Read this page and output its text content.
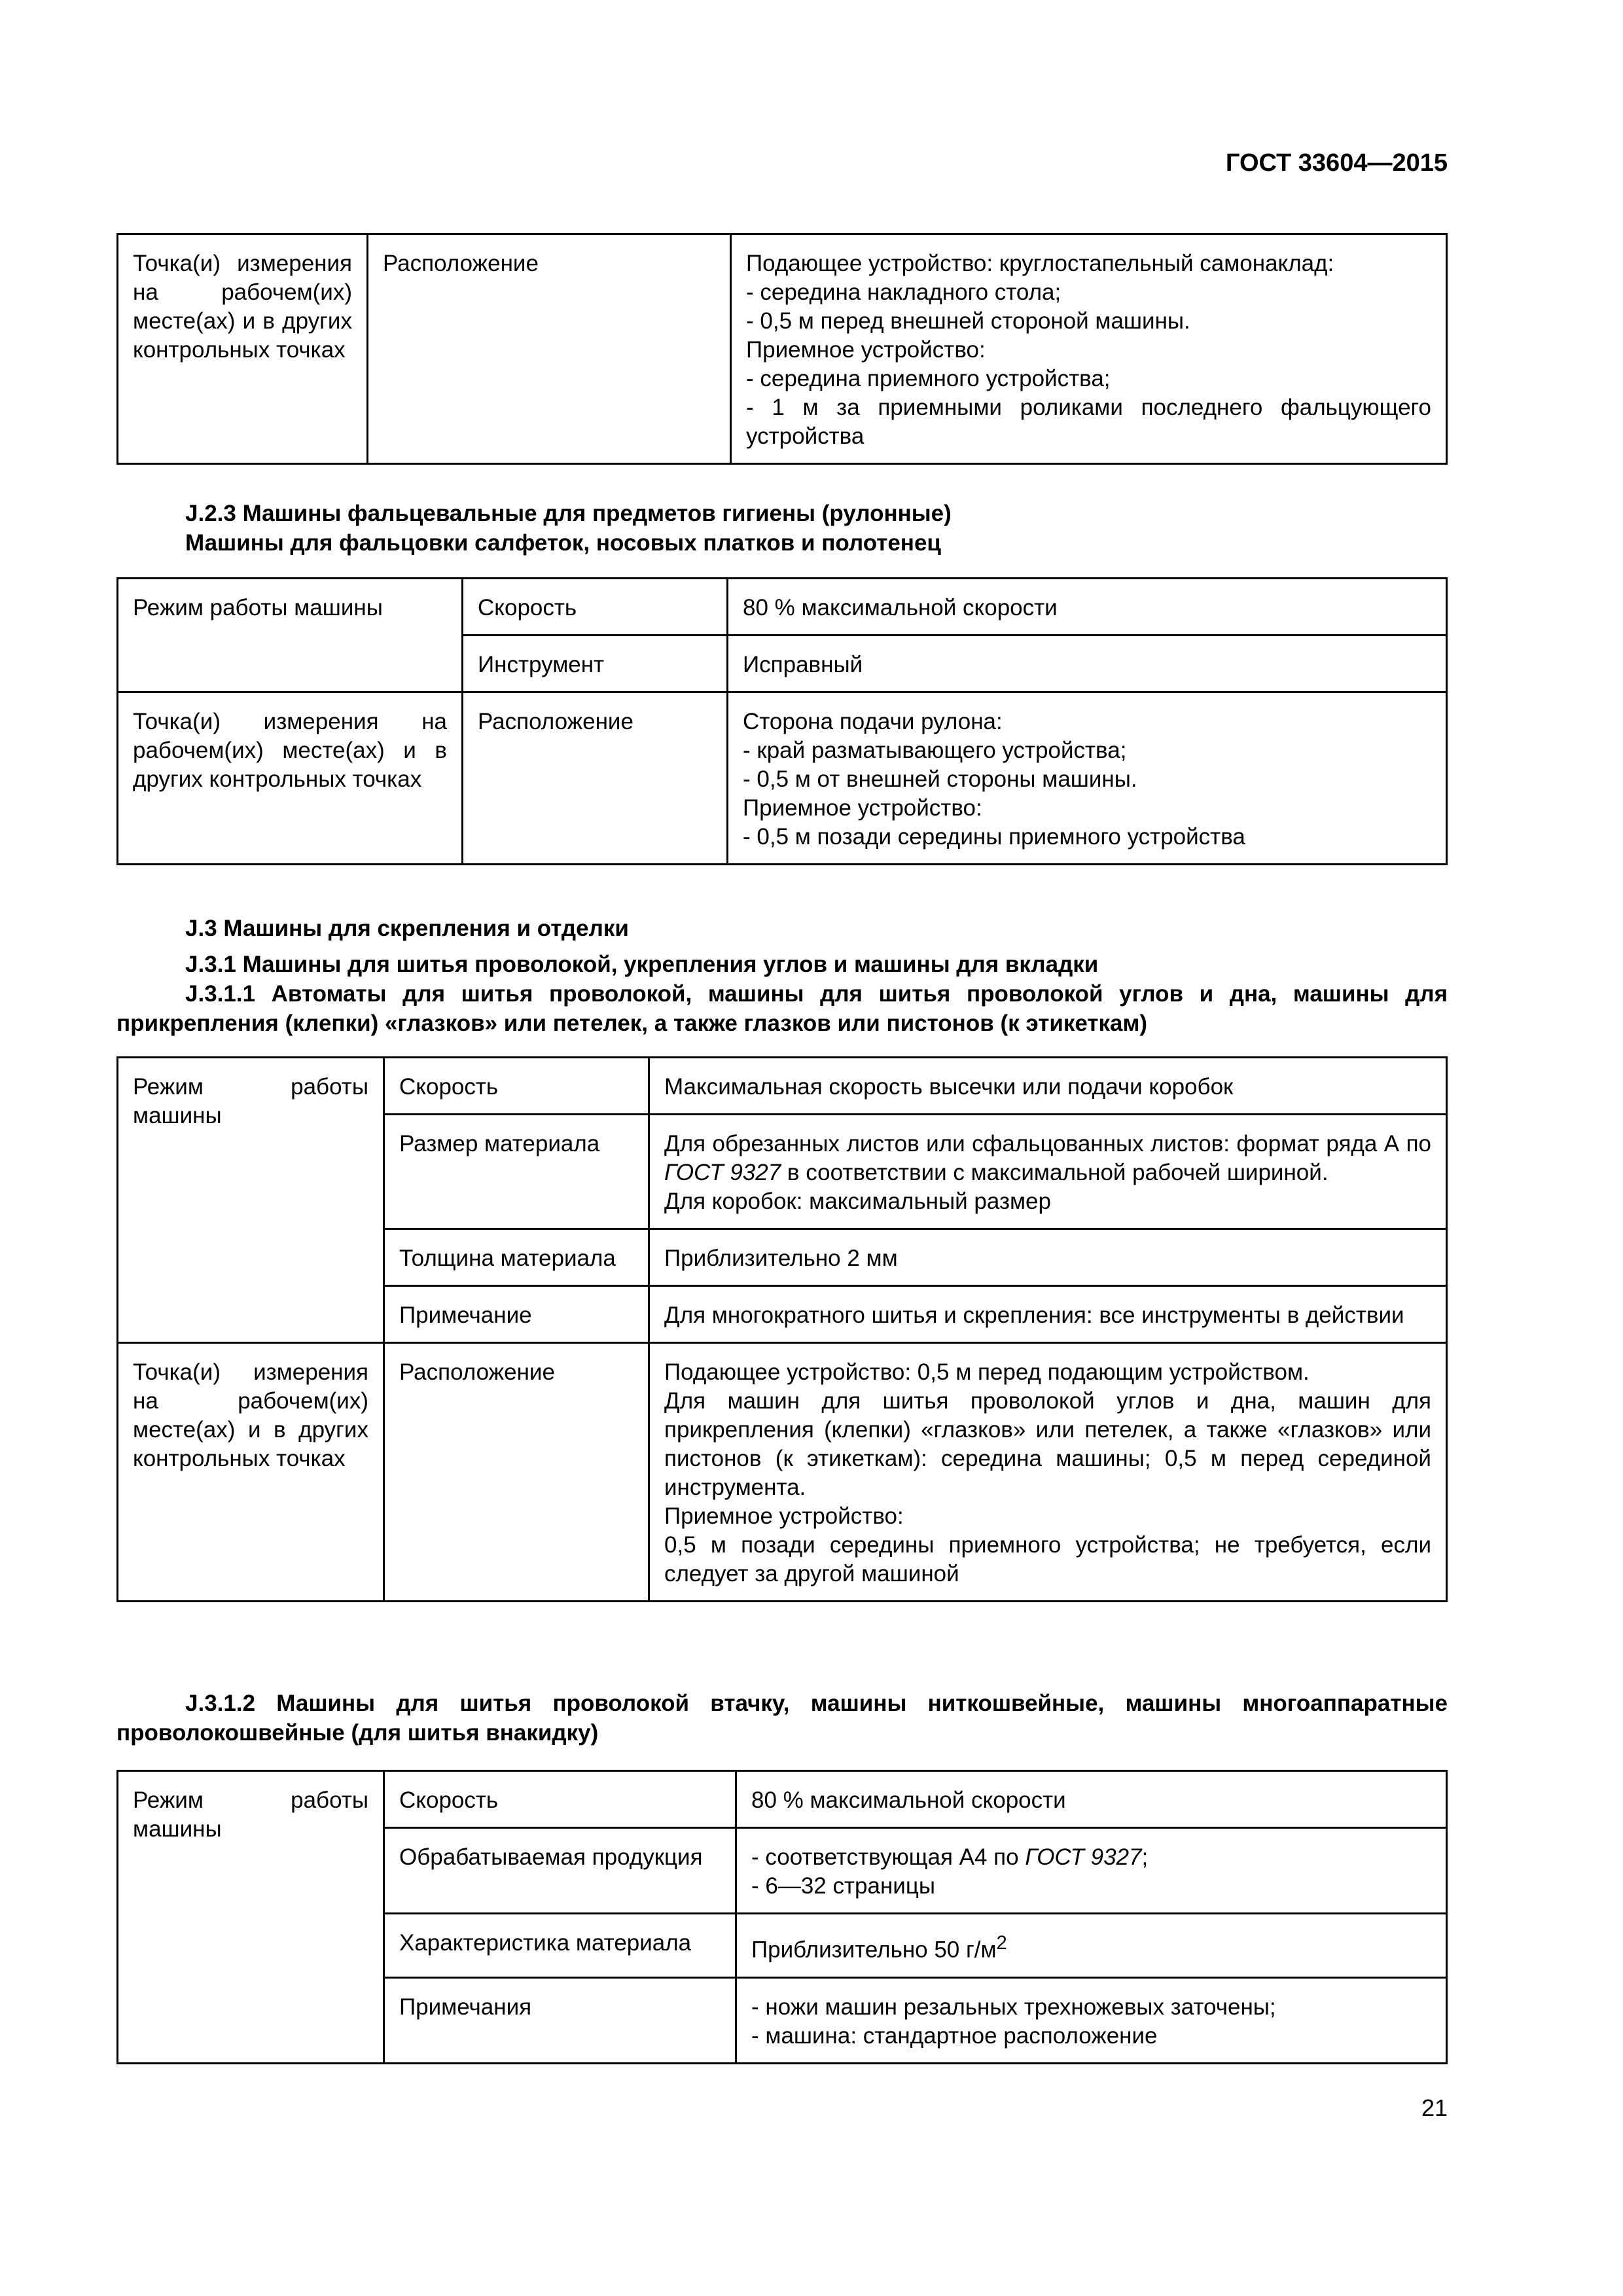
ГОСТ 33604—2015
Точка(и) измерения на рабочем(их) месте(ах) и в других контрольных точках	Расположение	Подающее устройство: круглостапельный самонаклад:
- середина накладного стола;
- 0,5 м перед внешней стороной машины.
Приемное устройство:
- середина приемного устройства;
- 1 м за приемными роликами последнего фальцующего устройства
J.2.3 Машины фальцевальные для предметов гигиены (рулонные)
Машины для фальцовки салфеток, носовых платков и полотенец
Режим работы машины	Скорость	80 % максимальной скорости
	Инструмент	Исправный
Точка(и) измерения на рабочем(их) месте(ах) и в других контрольных точках	Расположение	Сторона подачи рулона:
- край разматывающего устройства;
- 0,5 м от внешней стороны машины.
Приемное устройство:
- 0,5 м позади середины приемного устройства
J.3 Машины для скрепления и отделки
J.3.1 Машины для шитья проволокой, укрепления углов и машины для вкладки
J.3.1.1 Автоматы для шитья проволокой, машины для шитья проволокой углов и дна, машины для прикрепления (клепки) «глазков» или петелек, а также глазков или пистонов (к этикеткам)
Режим работы машины	Скорость	Максимальная скорость высечки или подачи коробок
	Размер материала	Для обрезанных листов или сфальцованных листов: формат ряда А по ГОСТ 9327 в соответствии с максимальной рабочей шириной.
Для коробок: максимальный размер

	Толщина материала	Приблизительно 2 мм
	Примечание	Для многократного шитья и скрепления: все инструменты в действии
Точка(и) измерения на рабочем(их) месте(ах) и в других контрольных точках	Расположение	Подающее устройство: 0,5 м перед подающим устройством.
Для машин для шитья проволокой углов и дна, машин для прикрепления (клепки) «глазков» или петелек, а также «глазков» или пистонов (к этикеткам): середина машины; 0,5 м перед серединой инструмента.
Приемное устройство:
0,5 м позади середины приемного устройства; не требуется, если следует за другой машиной
J.3.1.2 Машины для шитья проволокой втачку, машины ниткошвейные, машины многоаппаратные проволокошвейные (для шитья внакидку)
Режим работы машины	Скорость	80 % максимальной скорости
	Обрабатываемая продукция	- соответствующая А4 по ГОСТ 9327;
- 6—32 страницы

	Характеристика материала	Приблизительно 50 $г/м^2$
	Примечания	- ножи машин резальных трехножевых заточены;
- машина: стандартное расположение
21
